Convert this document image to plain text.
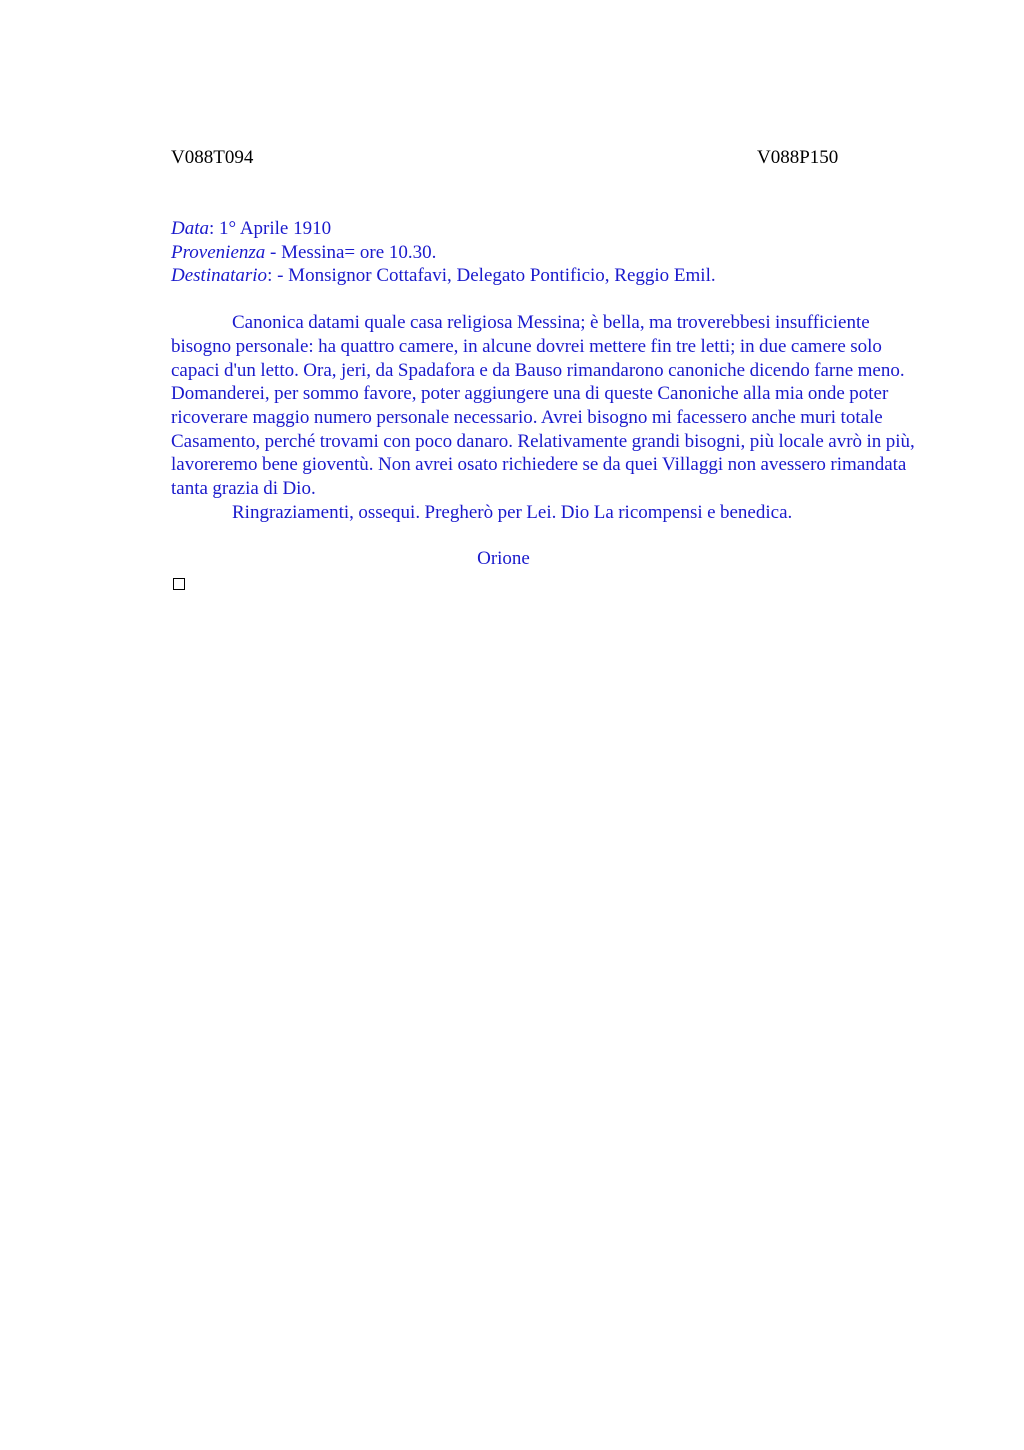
V088T094	V088P150
Data: 1° Aprile 1910
Provenienza - Messina= ore 10.30.
Destinatario: - Monsignor Cottafavi, Delegato Pontificio, Reggio Emil.

Canonica datami quale casa religiosa Messina; è bella, ma troverebbesi insufficiente bisogno personale: ha quattro camere, in alcune dovrei mettere fin tre letti; in due camere solo capaci d'un letto. Ora, jeri, da Spadafora e da Bauso rimandarono canoniche dicendo farne meno. Domanderei, per sommo favore, poter aggiungere una di queste Canoniche alla mia onde poter ricoverare maggio numero personale necessario. Avrei bisogno mi facessero anche muri totale Casamento, perché trovami con poco danaro. Relativamente grandi bisogni, più locale avrò in più, lavoreremo bene gioventù. Non avrei osato richiedere se da quei Villaggi non avessero rimandata tanta grazia di Dio.

Ringraziamenti, ossequi. Pregherò per Lei. Dio La ricompensi e benedica.

Orione
